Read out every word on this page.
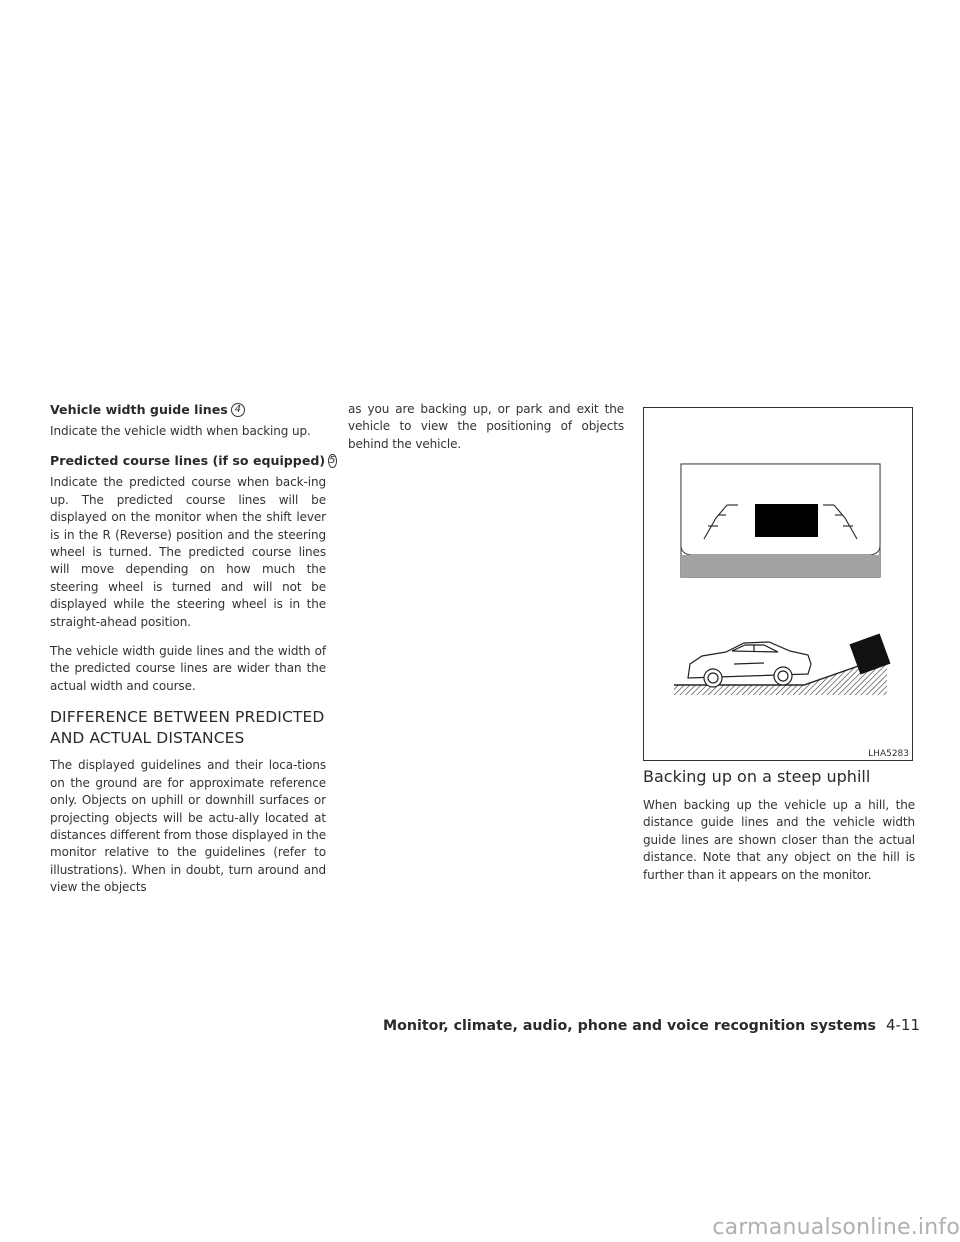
Vehicle width guide lines 4

Indicate the vehicle width when backing up.

Predicted course lines (if so equipped) 5

Indicate the predicted course when back-ing up. The predicted course lines will be displayed on the monitor when the shift lever is in the R (Reverse) position and the steering wheel is turned. The predicted course lines will move depending on how much the steering wheel is turned and will not be displayed while the steering wheel is in the straight-ahead position.

The vehicle width guide lines and the width of the predicted course lines are wider than the actual width and course.

DIFFERENCE BETWEEN PREDICTED AND ACTUAL DISTANCES

The displayed guidelines and their loca-tions on the ground are for approximate reference only. Objects on uphill or downhill surfaces or projecting objects will be actu-ally located at distances different from those displayed in the monitor relative to the guidelines (refer to illustrations). When in doubt, turn around and view the objects

as you are backing up, or park and exit the vehicle to view the positioning of objects behind the vehicle.

LHA5283
Backing up on a steep uphill

When backing up the vehicle up a hill, the distance guide lines and the vehicle width guide lines are shown closer than the actual distance. Note that any object on the hill is further than it appears on the monitor.

Monitor, climate, audio, phone and voice recognition systems 4-11
carmanualsonline.info
